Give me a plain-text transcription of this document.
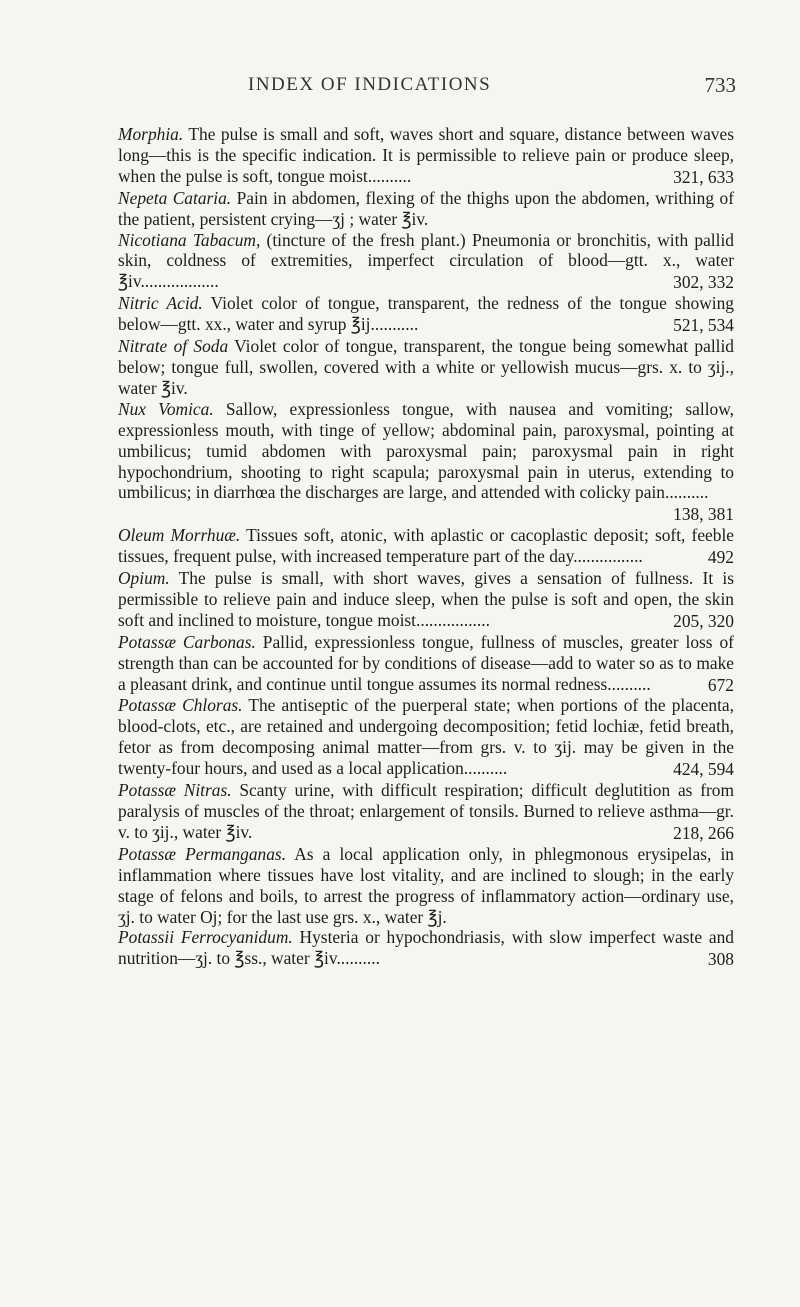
INDEX OF INDICATIONS	733

Morphia. The pulse is small and soft, waves short and square, distance between waves long—this is the specific indication. It is permissible to relieve pain or produce sleep, when the pulse is soft, tongue moist..........	321, 633

Nepeta Cataria. Pain in abdomen, flexing of the thighs upon the abdomen, writhing of the patient, persistent crying—ʒj ; water ℥iv.

Nicotiana Tabacum, (tincture of the fresh plant.) Pneumonia or bronchitis, with pallid skin, coldness of extremities, imperfect circulation of blood—gtt. x., water ℥iv..................	302, 332

Nitric Acid. Violet color of tongue, transparent, the redness of the tongue showing below—gtt. xx., water and syrup ℥ij...........	521, 534

Nitrate of Soda Violet color of tongue, transparent, the tongue being somewhat pallid below; tongue full, swollen, covered with a white or yellowish mucus—grs. x. to ʒij., water ℥iv.

Nux Vomica. Sallow, expressionless tongue, with nausea and vomiting; sallow, expressionless mouth, with tinge of yellow; abdominal pain, paroxysmal, pointing at umbilicus; tumid abdomen with paroxysmal pain; paroxysmal pain in right hypochondrium, shooting to right scapula; paroxysmal pain in uterus, extending to umbilicus; in diarrhœa the discharges are large, and attended with colicky pain..........
138, 381

Oleum Morrhuæ. Tissues soft, atonic, with aplastic or cacoplastic deposit; soft, feeble tissues, frequent pulse, with increased temperature part of the day................	492

Opium. The pulse is small, with short waves, gives a sensation of fullness. It is permissible to relieve pain and induce sleep, when the pulse is soft and open, the skin soft and inclined to moisture, tongue moist.................	205, 320

Potassæ Carbonas. Pallid, expressionless tongue, fullness of muscles, greater loss of strength than can be accounted for by conditions of disease—add to water so as to make a pleasant drink, and continue until tongue assumes its normal redness..........	672

Potassæ Chloras. The antiseptic of the puerperal state; when portions of the placenta, blood-clots, etc., are retained and undergoing decomposition; fetid lochiæ, fetid breath, fetor as from decomposing animal matter—from grs. v. to ʒij. may be given in the twenty-four hours, and used as a local application..........	424, 594

Potassæ Nitras. Scanty urine, with difficult respiration; difficult deglutition as from paralysis of muscles of the throat; enlargement of tonsils. Burned to relieve asthma—gr. v. to ʒij., water ℥iv.	218, 266

Potassæ Permanganas. As a local application only, in phlegmonous erysipelas, in inflammation where tissues have lost vitality, and are inclined to slough; in the early stage of felons and boils, to arrest the progress of inflammatory action—ordinary use, ʒj. to water Oj; for the last use grs. x., water ℥j.

Potassii Ferrocyanidum. Hysteria or hypochondriasis, with slow imperfect waste and nutrition—ʒj. to ℥ss., water ℥iv..........	308
